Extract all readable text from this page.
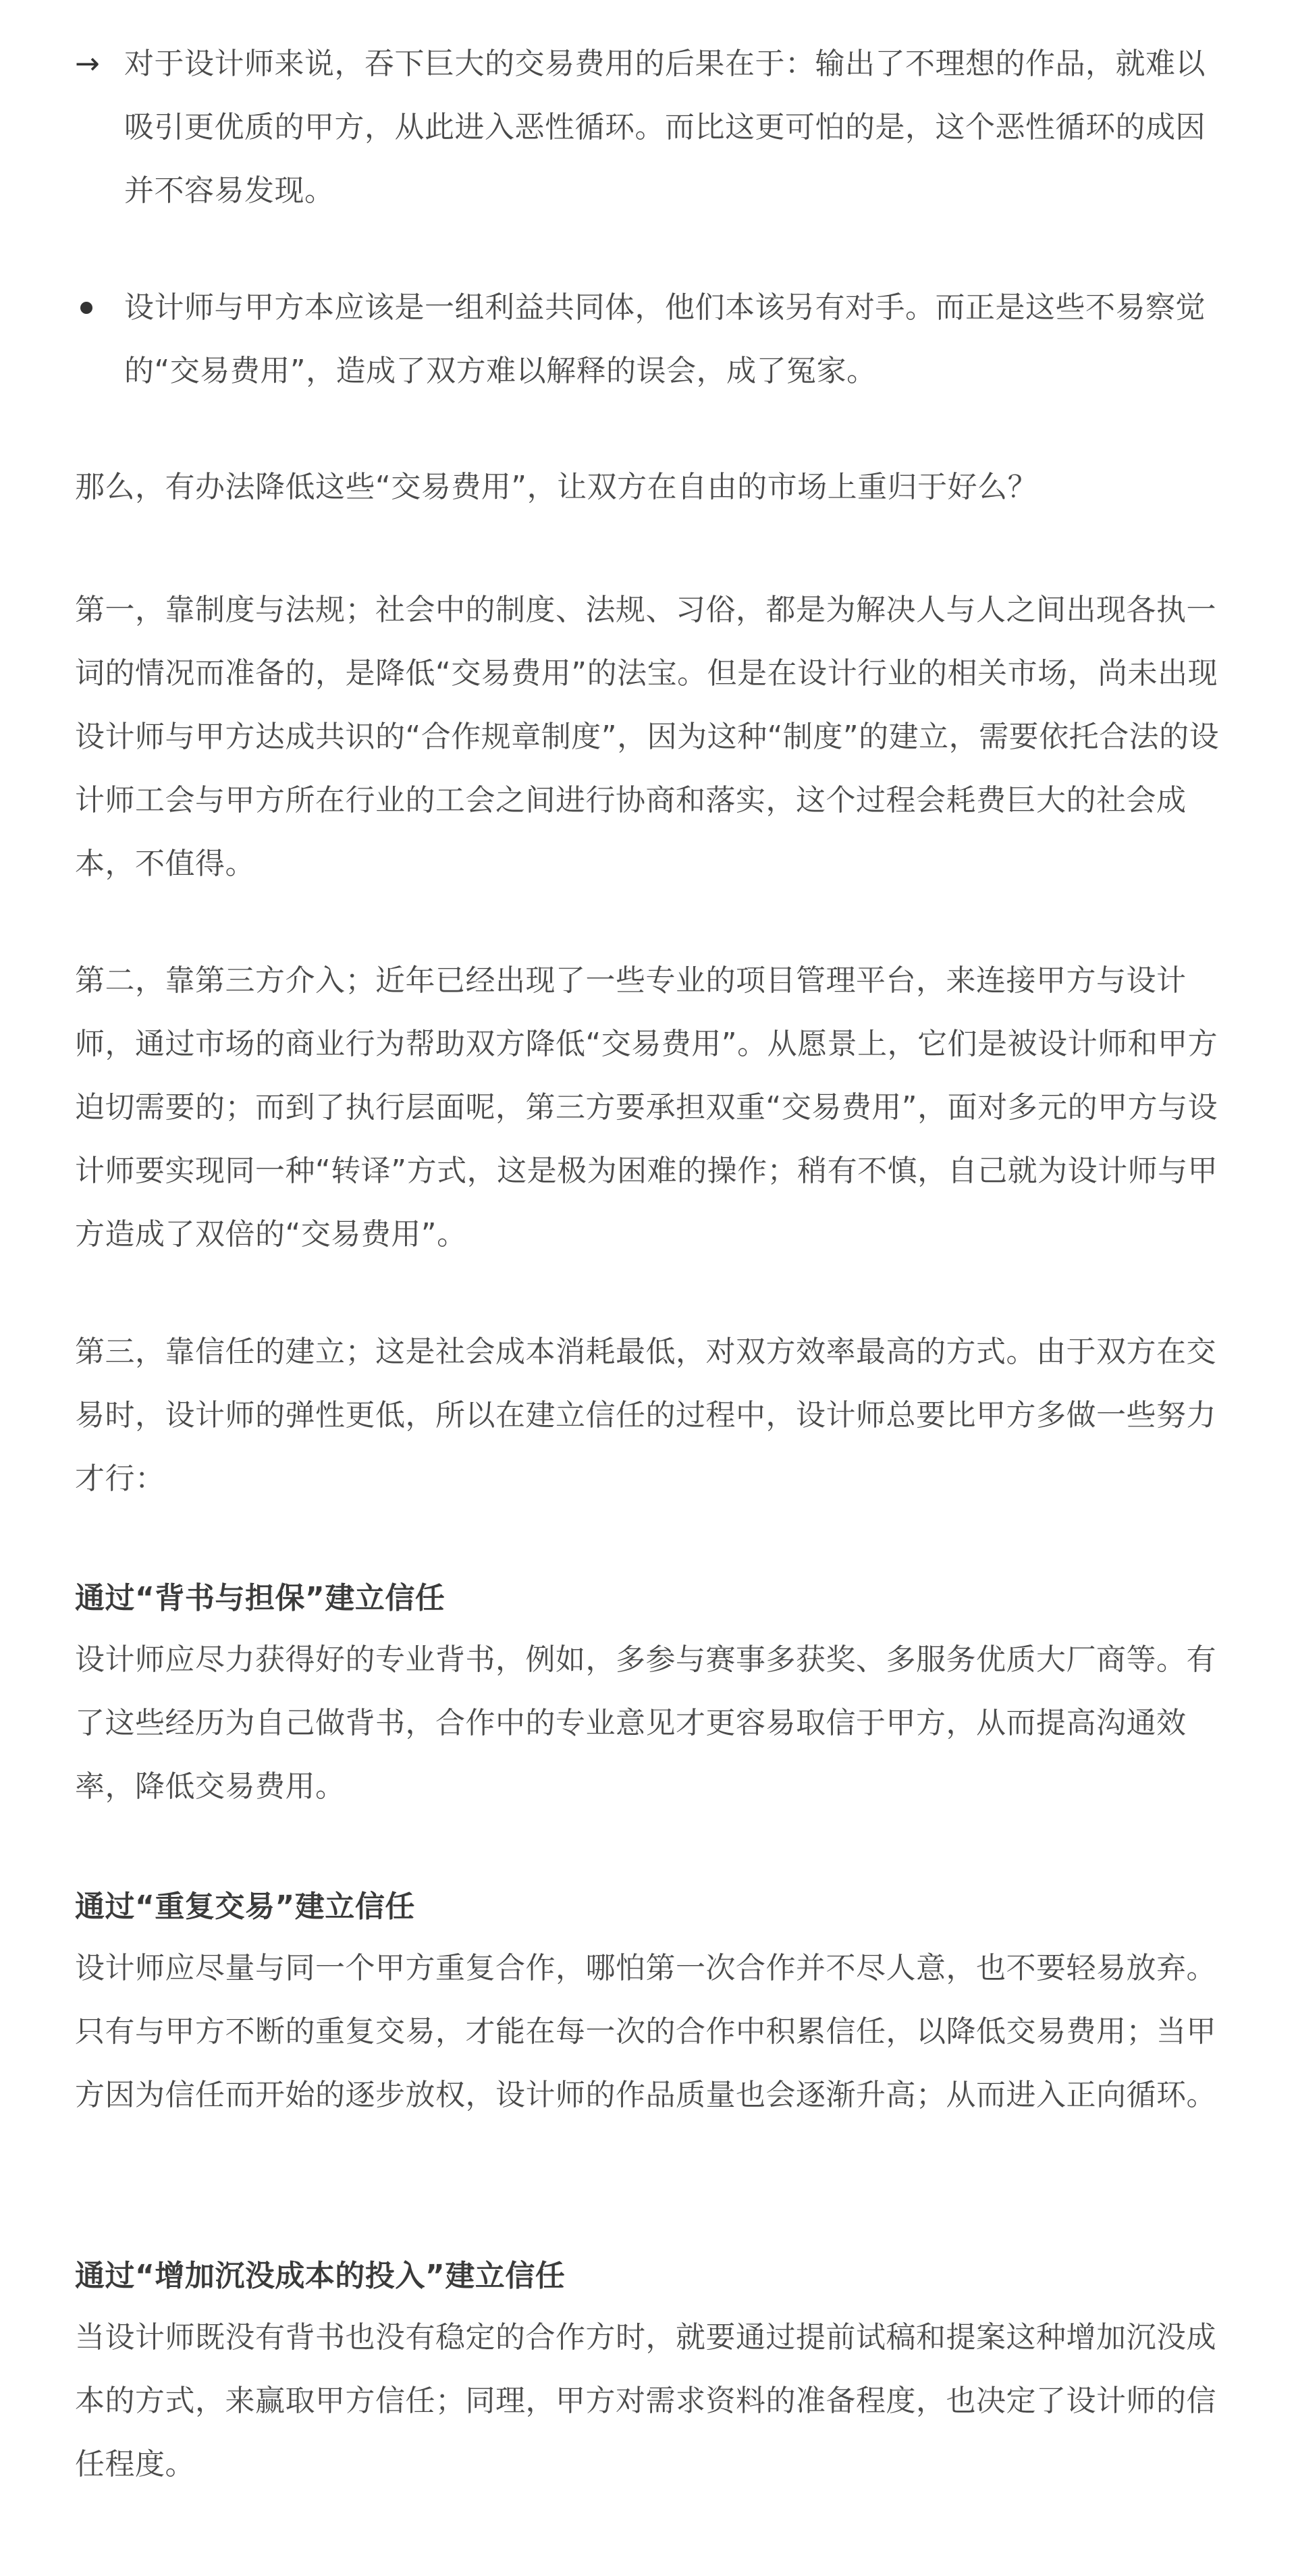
→ 对于设计师来说，吞下巨大的交易费用的后果在于：输出了不理想的作品，就难以吸引更优质的甲方，从此进入恶性循环。而比这更可怕的是，这个恶性循环的成因并不容易发现。
设计师与甲方本应该是一组利益共同体，他们本该另有对手。而正是这些不易察觉的“交易费用”，造成了双方难以解释的误会，成了冤家。

那么，有办法降低这些“交易费用”，让双方在自由的市场上重归于好么？

第一，靠制度与法规；社会中的制度、法规、习俗，都是为解决人与人之间出现各执一词的情况而准备的，是降低“交易费用”的法宝。但是在设计行业的相关市场，尚未出现设计师与甲方达成共识的“合作规章制度”，因为这种“制度”的建立，需要依托合法的设计师工会与甲方所在行业的工会之间进行协商和落实，这个过程会耗费巨大的社会成本，不值得。

第二，靠第三方介入；近年已经出现了一些专业的项目管理平台，来连接甲方与设计师，通过市场的商业行为帮助双方降低“交易费用”。从愿景上，它们是被设计师和甲方迫切需要的；而到了执行层面呢，第三方要承担双重“交易费用”，面对多元的甲方与设计师要实现同一种“转译”方式，这是极为困难的操作；稍有不慎，自己就为设计师与甲方造成了双倍的“交易费用”。

第三，靠信任的建立；这是社会成本消耗最低，对双方效率最高的方式。由于双方在交易时，设计师的弹性更低，所以在建立信任的过程中，设计师总要比甲方多做一些努力才行：

通过“背书与担保”建立信任

设计师应尽力获得好的专业背书，例如，多参与赛事多获奖、多服务优质大厂商等。有了这些经历为自己做背书，合作中的专业意见才更容易取信于甲方，从而提高沟通效率，降低交易费用。

通过“重复交易”建立信任

设计师应尽量与同一个甲方重复合作，哪怕第一次合作并不尽人意，也不要轻易放弃。只有与甲方不断的重复交易，才能在每一次的合作中积累信任，以降低交易费用；当甲方因为信任而开始的逐步放权，设计师的作品质量也会逐渐升高；从而进入正向循环。

通过“增加沉没成本的投入”建立信任

当设计师既没有背书也没有稳定的合作方时，就要通过提前试稿和提案这种增加沉没成本的方式，来赢取甲方信任；同理，甲方对需求资料的准备程度，也决定了设计师的信任程度。
